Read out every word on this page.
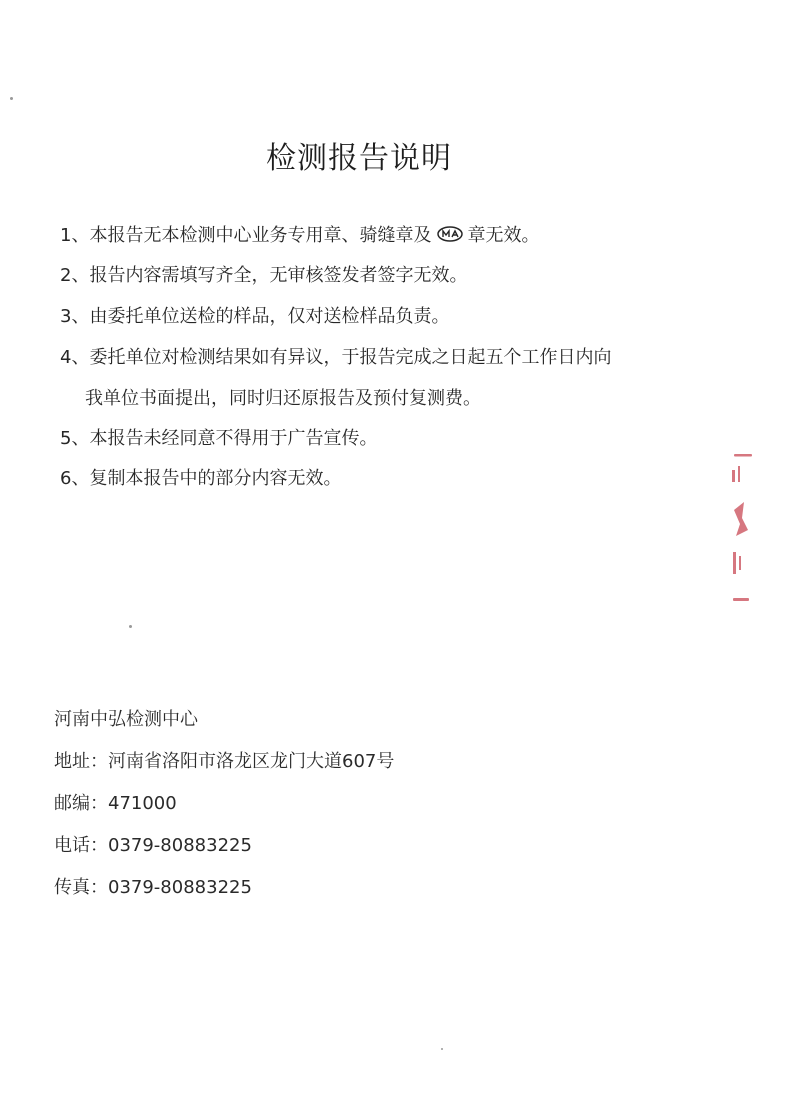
检测报告说明
1、本报告无本检测中心业务专用章、骑缝章及 章无效。
2、报告内容需填写齐全，无审核签发者签字无效。
3、由委托单位送检的样品，仅对送检样品负责。
4、委托单位对检测结果如有异议，于报告完成之日起五个工作日内向
我单位书面提出，同时归还原报告及预付复测费。
5、本报告未经同意不得用于广告宣传。
6、复制本报告中的部分内容无效。
河南中弘检测中心
地址：河南省洛阳市洛龙区龙门大道607号
邮编：471000
电话：0379-80883225
传真：0379-80883225
